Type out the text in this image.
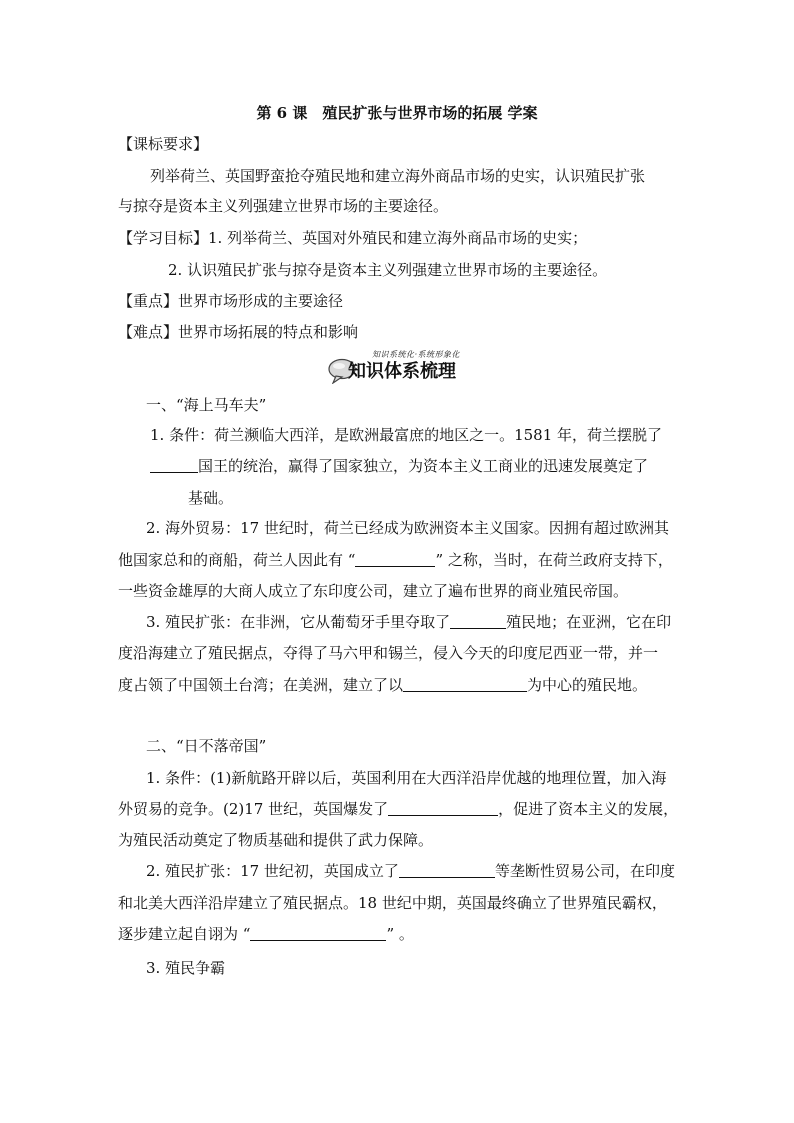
第 6 课　殖民扩张与世界市场的拓展 学案
【课标要求】
列举荷兰、英国野蛮抢夺殖民地和建立海外商品市场的史实，认识殖民扩张
与掠夺是资本主义列强建立世界市场的主要途径。
【学习目标】1. 列举荷兰、英国对外殖民和建立海外商品市场的史实；
2. 认识殖民扩张与掠夺是资本主义列强建立世界市场的主要途径。
【重点】世界市场形成的主要途径
【难点】世界市场拓展的特点和影响
知识系统化·系统形象化
知识体系梳理
一、“海上马车夫”
1. 条件：荷兰濒临大西洋，是欧洲最富庶的地区之一。1581 年，荷兰摆脱了
国王的统治，赢得了国家独立，为资本主义工商业的迅速发展奠定了
基础。
2. 海外贸易：17 世纪时，荷兰已经成为欧洲资本主义国家。因拥有超过欧洲其
他国家总和的商船，荷兰人因此有 “	” 之称，当时，在荷兰政府支持下，
一些资金雄厚的大商人成立了东印度公司，建立了遍布世界的商业殖民帝国。
3. 殖民扩张：在非洲，它从葡萄牙手里夺取了	殖民地；在亚洲，它在印
度沿海建立了殖民据点，夺得了马六甲和锡兰，侵入今天的印度尼西亚一带，并一
度占领了中国领土台湾；在美洲，建立了以	为中心的殖民地。
二、“日不落帝国”
1. 条件：(1)新航路开辟以后，英国利用在大西洋沿岸优越的地理位置，加入海
外贸易的竞争。(2)17 世纪，英国爆发了	，促进了资本主义的发展，
为殖民活动奠定了物质基础和提供了武力保障。
2. 殖民扩张：17 世纪初，英国成立了	等垄断性贸易公司，在印度
和北美大西洋沿岸建立了殖民据点。18 世纪中期，英国最终确立了世界殖民霸权，
逐步建立起自诩为 “	” 。
3. 殖民争霸
